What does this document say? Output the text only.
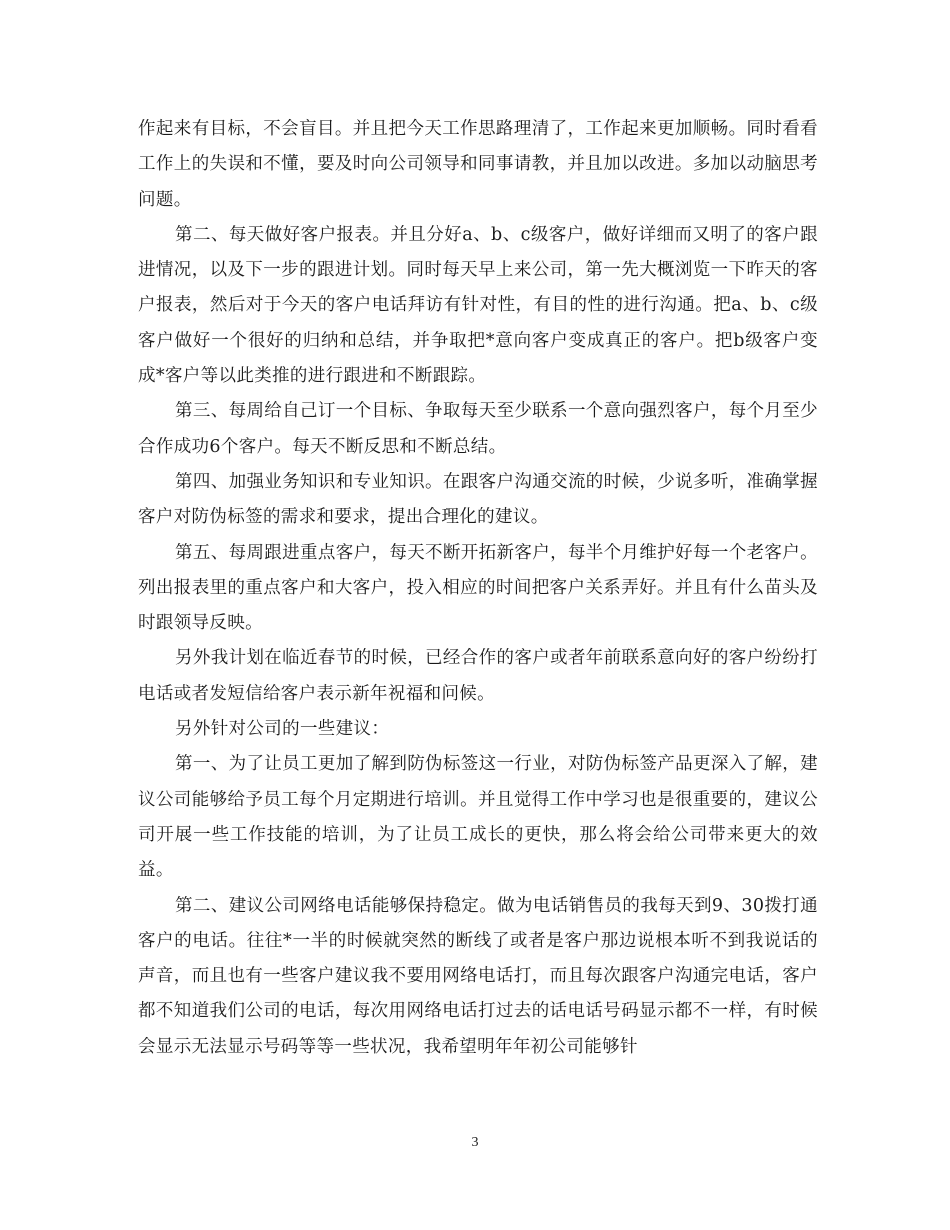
作起来有目标，不会盲目。并且把今天工作思路理清了，工作起来更加顺畅。同时看看工作上的失误和不懂，要及时向公司领导和同事请教，并且加以改进。多加以动脑思考问题。

第二、每天做好客户报表。并且分好a、b、c级客户，做好详细而又明了的客户跟进情况，以及下一步的跟进计划。同时每天早上来公司，第一先大概浏览一下昨天的客户报表，然后对于今天的客户电话拜访有针对性，有目的性的进行沟通。把a、b、c级客户做好一个很好的归纳和总结，并争取把*意向客户变成真正的客户。把b级客户变成*客户等以此类推的进行跟进和不断跟踪。

第三、每周给自己订一个目标、争取每天至少联系一个意向强烈客户，每个月至少合作成功6个客户。每天不断反思和不断总结。

第四、加强业务知识和专业知识。在跟客户沟通交流的时候，少说多听，准确掌握客户对防伪标签的需求和要求，提出合理化的建议。

第五、每周跟进重点客户，每天不断开拓新客户，每半个月维护好每一个老客户。列出报表里的重点客户和大客户，投入相应的时间把客户关系弄好。并且有什么苗头及时跟领导反映。

另外我计划在临近春节的时候，已经合作的客户或者年前联系意向好的客户纷纷打电话或者发短信给客户表示新年祝福和问候。

另外针对公司的一些建议：

第一、为了让员工更加了解到防伪标签这一行业，对防伪标签产品更深入了解，建议公司能够给予员工每个月定期进行培训。并且觉得工作中学习也是很重要的，建议公司开展一些工作技能的培训，为了让员工成长的更快，那么将会给公司带来更大的效益。

第二、建议公司网络电话能够保持稳定。做为电话销售员的我每天到9、30拨打通客户的电话。往往*一半的时候就突然的断线了或者是客户那边说根本听不到我说话的声音，而且也有一些客户建议我不要用网络电话打，而且每次跟客户沟通完电话，客户都不知道我们公司的电话，每次用网络电话打过去的话电话号码显示都不一样，有时候会显示无法显示号码等等一些状况，我希望明年年初公司能够针

3
